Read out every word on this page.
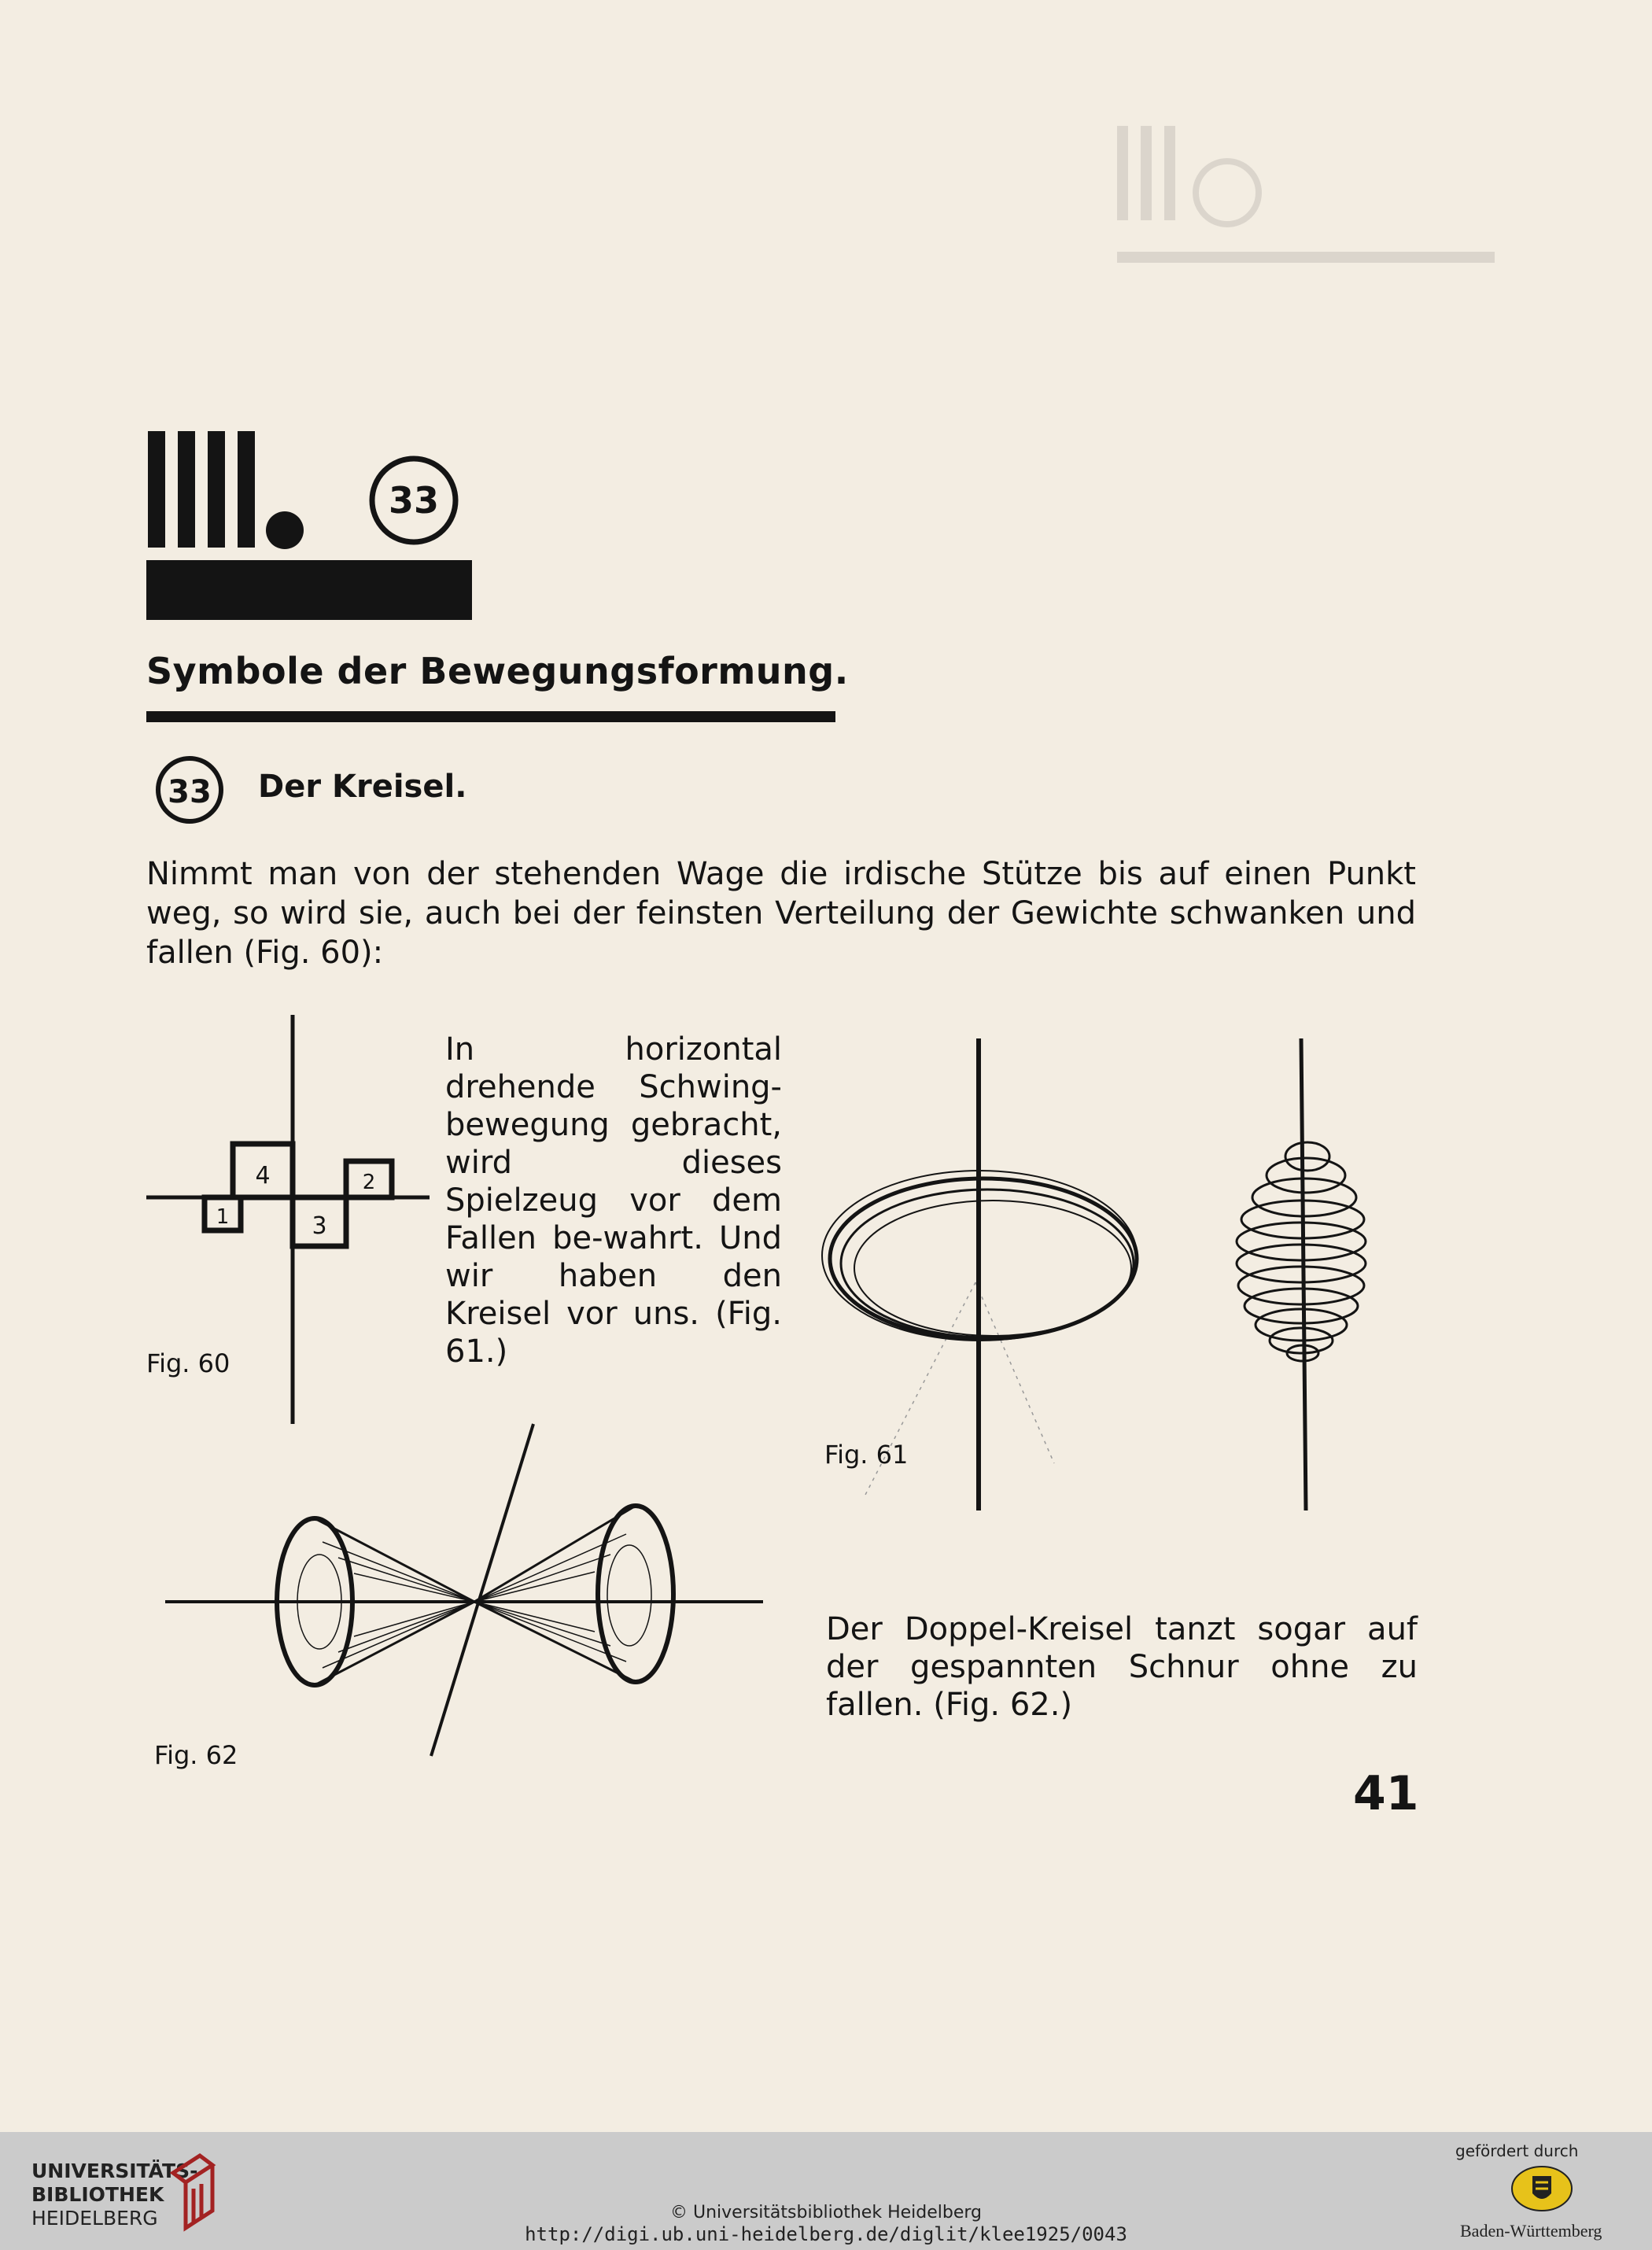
33
Symbole der Bewegungsformung.
33 Der Kreisel.
Nimmt man von der stehenden Wage die irdische Stütze bis auf einen Punkt weg, so wird sie, auch bei der feinsten Verteilung der Gewichte schwanken und fallen (Fig. 60):
1
4
3
2
Fig. 60
In horizontal drehende Schwing-bewegung gebracht, wird dieses Spielzeug vor dem Fallen be-wahrt. Und wir haben den Kreisel vor uns. (Fig. 61.)
Fig. 61
Fig. 62
Der Doppel-Kreisel tanzt sogar auf der gespannten Schnur ohne zu fallen. (Fig. 62.)
41
UNIVERSITÄTS-
BIBLIOTHEK
HEIDELBERG	© Universitätsbibliothek Heidelberg
http://digi.ub.uni-heidelberg.de/diglit/klee1925/0043
gefördert durch
Baden-Württemberg
